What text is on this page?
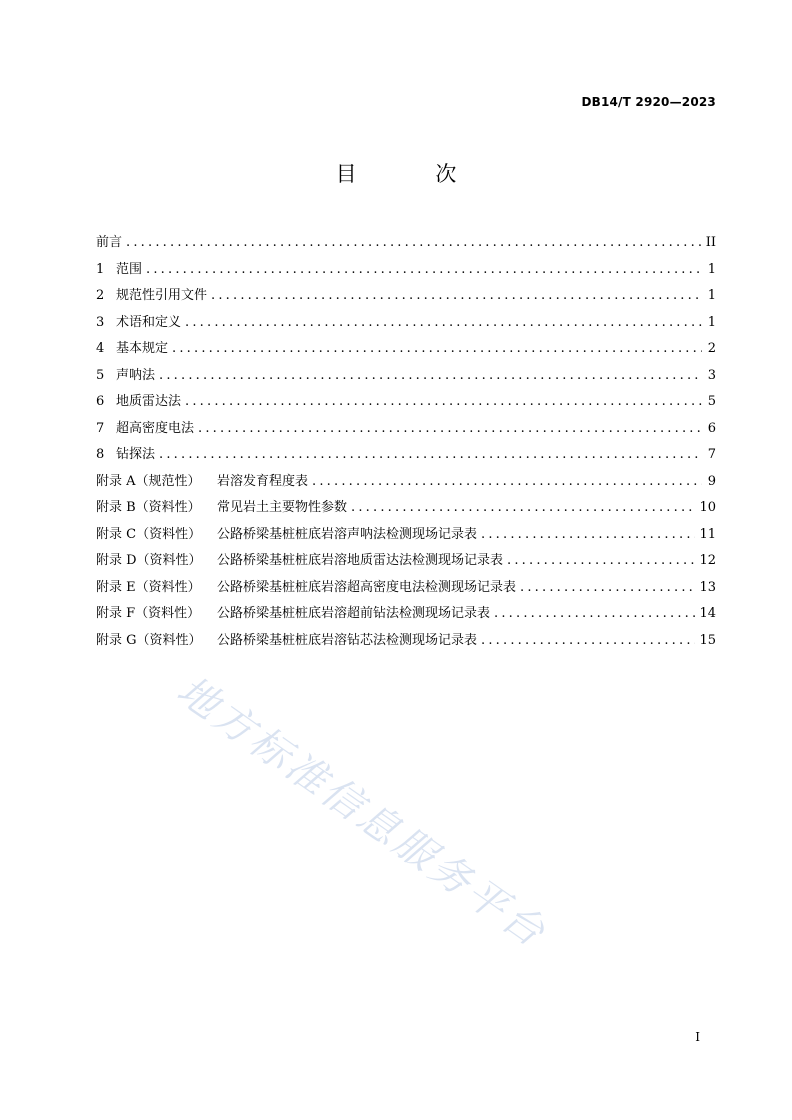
DB14/T 2920—2023
目 次
前言 .....	II
1 范围 .....	1
2 规范性引用文件 .....	1
3 术语和定义 .....	1
4 基本规定 .....	2
5 声呐法 .....	3
6 地质雷达法 .....	5
7 超高密度电法 .....	6
8 钻探法 .....	7
附录 A（规范性）	岩溶发育程度表 .....	9
附录 B（资料性）	常见岩土主要物性参数 .....	10
附录 C（资料性）	公路桥梁基桩桩底岩溶声呐法检测现场记录表 .....	11
附录 D（资料性）	公路桥梁基桩桩底岩溶地质雷达法检测现场记录表 .....	12
附录 E（资料性）	公路桥梁基桩桩底岩溶超高密度电法检测现场记录表 .....	13
附录 F（资料性）	公路桥梁基桩桩底岩溶超前钻法检测现场记录表 .....	14
附录 G（资料性）	公路桥梁基桩桩底岩溶钻芯法检测现场记录表 .....	15
地方标准信息服务平台
I
